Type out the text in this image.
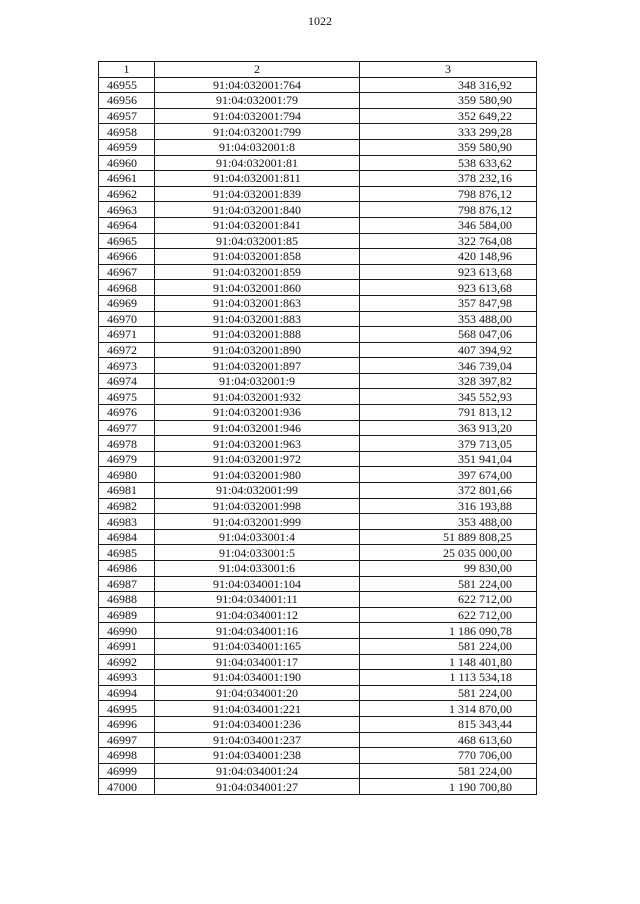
1022
1	2	3
46955	91:04:032001:764	348 316,92
46956	91:04:032001:79	359 580,90
46957	91:04:032001:794	352 649,22
46958	91:04:032001:799	333 299,28
46959	91:04:032001:8	359 580,90
46960	91:04:032001:81	538 633,62
46961	91:04:032001:811	378 232,16
46962	91:04:032001:839	798 876,12
46963	91:04:032001:840	798 876,12
46964	91:04:032001:841	346 584,00
46965	91:04:032001:85	322 764,08
46966	91:04:032001:858	420 148,96
46967	91:04:032001:859	923 613,68
46968	91:04:032001:860	923 613,68
46969	91:04:032001:863	357 847,98
46970	91:04:032001:883	353 488,00
46971	91:04:032001:888	568 047,06
46972	91:04:032001:890	407 394,92
46973	91:04:032001:897	346 739,04
46974	91:04:032001:9	328 397,82
46975	91:04:032001:932	345 552,93
46976	91:04:032001:936	791 813,12
46977	91:04:032001:946	363 913,20
46978	91:04:032001:963	379 713,05
46979	91:04:032001:972	351 941,04
46980	91:04:032001:980	397 674,00
46981	91:04:032001:99	372 801,66
46982	91:04:032001:998	316 193,88
46983	91:04:032001:999	353 488,00
46984	91:04:033001:4	51 889 808,25
46985	91:04:033001:5	25 035 000,00
46986	91:04:033001:6	99 830,00
46987	91:04:034001:104	581 224,00
46988	91:04:034001:11	622 712,00
46989	91:04:034001:12	622 712,00
46990	91:04:034001:16	1 186 090,78
46991	91:04:034001:165	581 224,00
46992	91:04:034001:17	1 148 401,80
46993	91:04:034001:190	1 113 534,18
46994	91:04:034001:20	581 224,00
46995	91:04:034001:221	1 314 870,00
46996	91:04:034001:236	815 343,44
46997	91:04:034001:237	468 613,60
46998	91:04:034001:238	770 706,00
46999	91:04:034001:24	581 224,00
47000	91:04:034001:27	1 190 700,80
